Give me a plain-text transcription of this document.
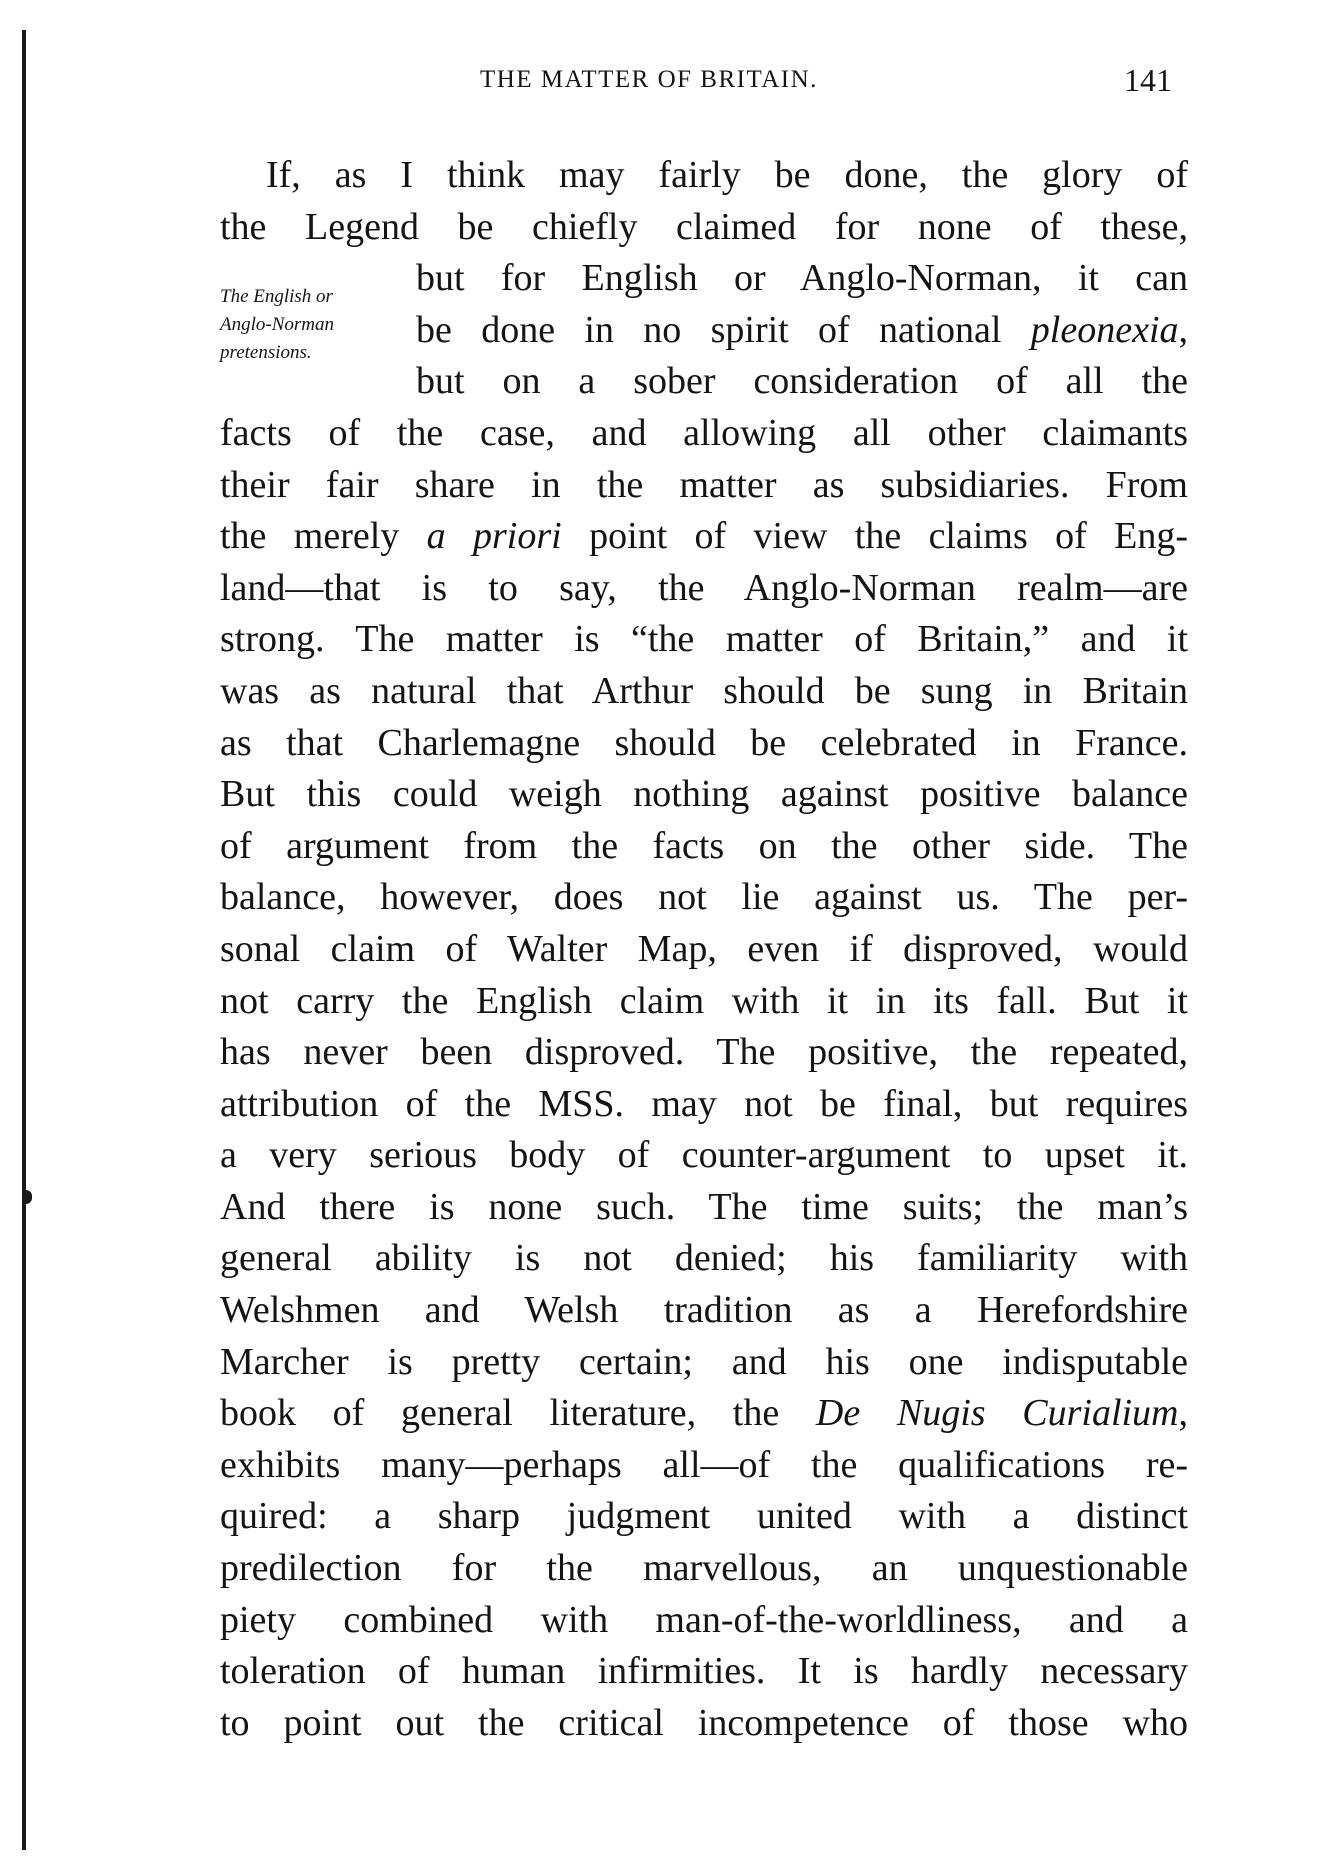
THE MATTER OF BRITAIN.	141
The English or
Anglo-Norman
pretensions.
If, as I think may fairly be done, the glory of
the Legend be chiefly claimed for none of these,
but for English or Anglo-Norman, it can
be done in no spirit of national pleonexia,
but on a sober consideration of all the
facts of the case, and allowing all other claimants
their fair share in the matter as subsidiaries. From
the merely a priori point of view the claims of Eng-
land—that is to say, the Anglo-Norman realm—are
strong. The matter is “the matter of Britain,” and it
was as natural that Arthur should be sung in Britain
as that Charlemagne should be celebrated in France.
But this could weigh nothing against positive balance
of argument from the facts on the other side. The
balance, however, does not lie against us. The per-
sonal claim of Walter Map, even if disproved, would
not carry the English claim with it in its fall. But it
has never been disproved. The positive, the repeated,
attribution of the MSS. may not be final, but requires
a very serious body of counter-argument to upset it.
And there is none such. The time suits; the man’s
general ability is not denied; his familiarity with
Welshmen and Welsh tradition as a Herefordshire
Marcher is pretty certain; and his one indisputable
book of general literature, the De Nugis Curialium,
exhibits many—perhaps all—of the qualifications re-
quired: a sharp judgment united with a distinct
predilection for the marvellous, an unquestionable
piety combined with man-of-the-worldliness, and a
toleration of human infirmities. It is hardly necessary
to point out the critical incompetence of those who
